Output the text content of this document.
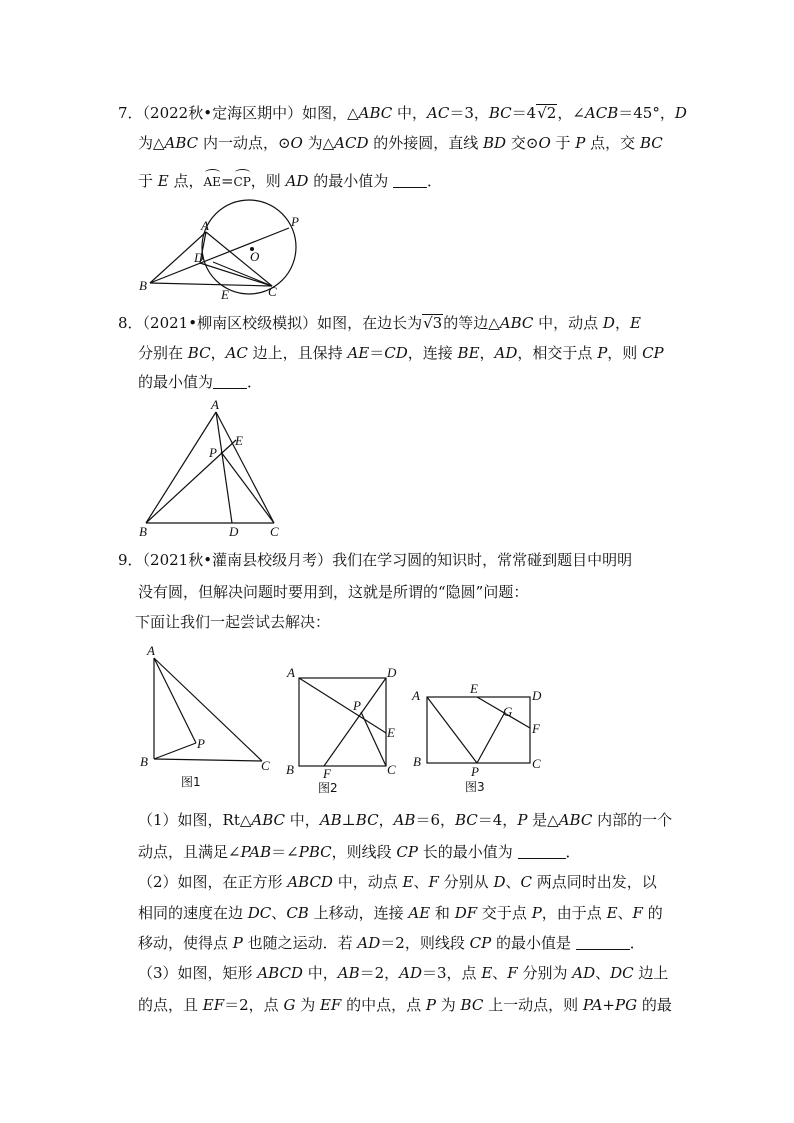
7．（2022秋•定海区期中）如图，△ABC 中，AC＝3，BC＝4√2，∠ACB＝45°，D
为△ABC 内一动点，⊙O 为△ACD 的外接圆，直线 BD 交⊙O 于 P 点，交 BC
于 E 点，AE=CP，则 AD 的最小值为 ．
A	P
D	O
B
E	C
8．（2021•柳南区校级模拟）如图，在边长为√3的等边△ABC 中，动点 D，E
分别在 BC，AC 边上，且保持 AE＝CD，连接 BE，AD，相交于点 P，则 CP
的最小值为 ．
A
E
P
B	D C
9．（2021秋•灌南县校级月考）我们在学习圆的知识时，常常碰到题目中明明
没有圆，但解决问题时要用到，这就是所谓的“隐圆”问题：
下面让我们一起尝试去解决：
A
P
B	C
图1
A	D
P
E
B F	C
图2
E	D
A
G
F
B
P
C
图3
（1）如图，Rt△ABC 中，AB⊥BC，AB＝6，BC＝4，P 是△ABC 内部的一个
动点，且满足∠PAB＝∠PBC，则线段 CP 长的最小值为	．
（2）如图，在正方形 ABCD 中，动点 E、F 分别从 D、C 两点同时出发，以
相同的速度在边 DC、CB 上移动，连接 AE 和 DF 交于点 P，由于点 E、F 的
移动，使得点 P 也随之运动．若 AD＝2，则线段 CP 的最小值是	．
（3）如图，矩形 ABCD 中，AB＝2，AD＝3，点 E、F 分别为 AD、DC 边上
的点，且 EF＝2，点 G 为 EF 的中点，点 P 为 BC 上一动点，则 PA+PG 的最
